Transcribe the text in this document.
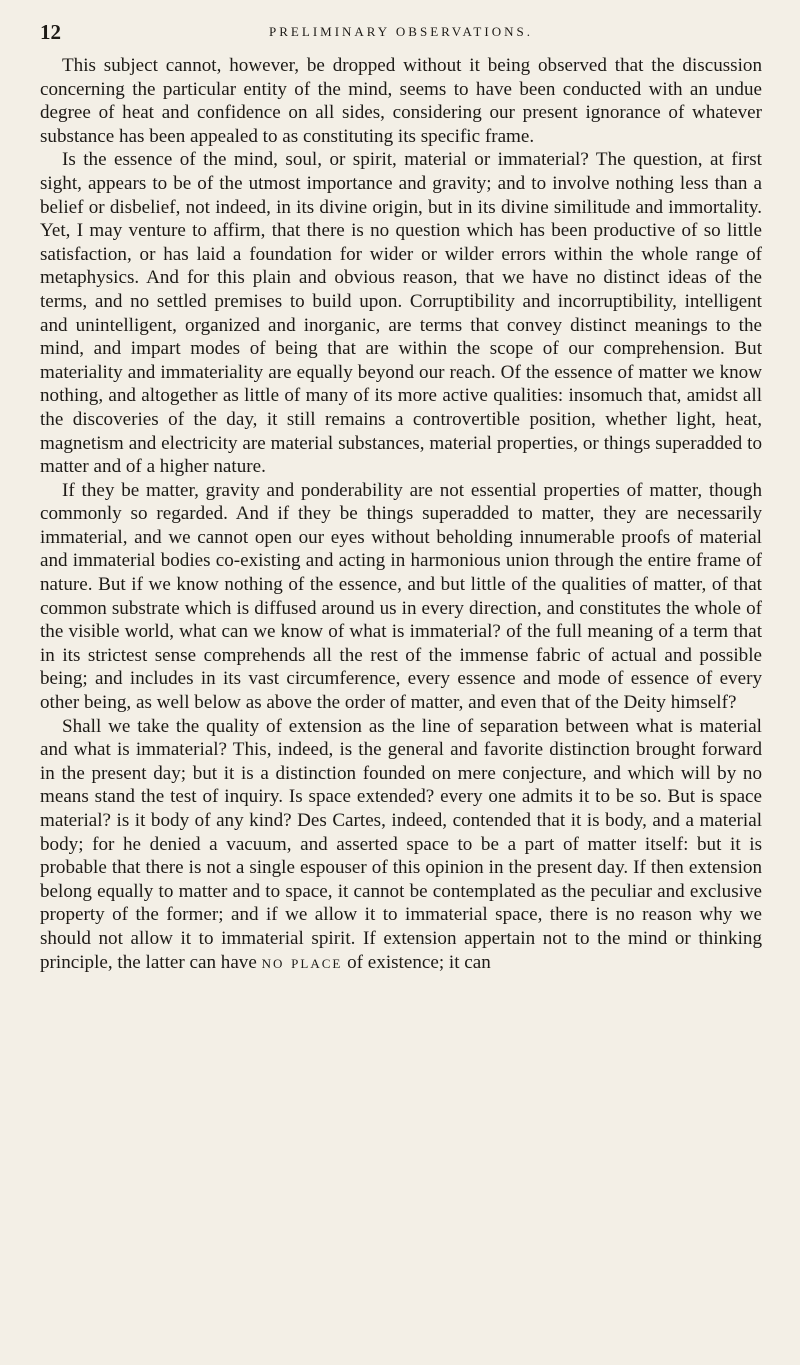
12	PRELIMINARY OBSERVATIONS.

This subject cannot, however, be dropped without it being observed that the discussion concerning the particular entity of the mind, seems to have been conducted with an undue degree of heat and confidence on all sides, considering our present ignorance of whatever substance has been appealed to as constituting its specific frame.

Is the essence of the mind, soul, or spirit, material or immaterial? The question, at first sight, appears to be of the utmost importance and gravity; and to involve nothing less than a belief or disbelief, not indeed, in its divine origin, but in its divine similitude and immortality. Yet, I may venture to affirm, that there is no question which has been productive of so little satisfaction, or has laid a foundation for wider or wilder errors within the whole range of metaphysics. And for this plain and obvious reason, that we have no distinct ideas of the terms, and no settled premises to build upon. Corruptibility and incorruptibility, intelligent and unintelligent, organized and inorganic, are terms that convey distinct meanings to the mind, and impart modes of being that are within the scope of our comprehension. But materiality and immateriality are equally beyond our reach. Of the essence of matter we know nothing, and altogether as little of many of its more active qualities: insomuch that, amidst all the discoveries of the day, it still remains a controvertible position, whether light, heat, magnetism and electricity are material substances, material properties, or things superadded to matter and of a higher nature.

If they be matter, gravity and ponderability are not essential properties of matter, though commonly so regarded. And if they be things superadded to matter, they are necessarily immaterial, and we cannot open our eyes without beholding innumerable proofs of material and immaterial bodies co-existing and acting in harmonious union through the entire frame of nature. But if we know nothing of the essence, and but little of the qualities of matter, of that common substrate which is diffused around us in every direction, and constitutes the whole of the visible world, what can we know of what is immaterial? of the full meaning of a term that in its strictest sense comprehends all the rest of the immense fabric of actual and possible being; and includes in its vast circumference, every essence and mode of essence of every other being, as well below as above the order of matter, and even that of the Deity himself?

Shall we take the quality of extension as the line of separation between what is material and what is immaterial? This, indeed, is the general and favorite distinction brought forward in the present day; but it is a distinction founded on mere conjecture, and which will by no means stand the test of inquiry. Is space extended? every one admits it to be so. But is space material? is it body of any kind? Des Cartes, indeed, contended that it is body, and a material body; for he denied a vacuum, and asserted space to be a part of matter itself: but it is probable that there is not a single espouser of this opinion in the present day. If then extension belong equally to matter and to space, it cannot be contemplated as the peculiar and exclusive property of the former; and if we allow it to immaterial space, there is no reason why we should not allow it to immaterial spirit. If extension appertain not to the mind or thinking principle, the latter can have no place of existence; it can
